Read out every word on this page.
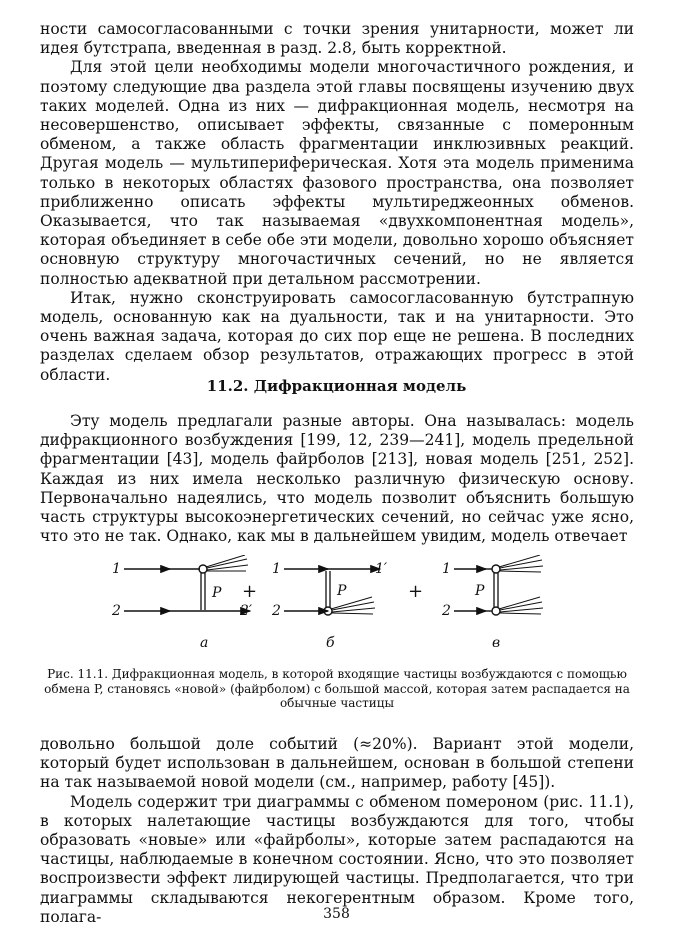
ности самосогласованными с точки зрения унитарности, может ли идея бутстрапа, введенная в разд. 2.8, быть корректной.

Для этой цели необходимы модели многочастичного рождения, и поэтому следующие два раздела этой главы посвящены изучению двух таких моделей. Одна из них — дифракционная модель, несмотря на несовершенство, описывает эффекты, связанные с померонным обменом, а также область фрагментации инклюзивных реакций. Другая модель — мультипериферическая. Хотя эта модель применима только в некоторых областях фазового пространства, она позволяет приближенно описать эффекты мультиреджеонных обменов. Оказывается, что так называемая «двухкомпонентная модель», которая объединяет в себе обе эти модели, довольно хорошо объясняет основную структуру многочастичных сечений, но не является полностью адекватной при детальном рассмотрении.

Итак, нужно сконструировать самосогласованную бутстрапную модель, основанную как на дуальности, так и на унитарности. Это очень важная задача, которая до сих пор еще не решена. В последних разделах сделаем обзор результатов, отражающих прогресс в этой области.

11.2. Дифракционная модель

Эту модель предлагали разные авторы. Она называлась: модель дифракционного возбуждения [199, 12, 239—241], модель предельной фрагментации [43], модель файрболов [213], новая модель [251, 252]. Каждая из них имела несколько различную физическую основу. Первоначально надеялись, что модель позволит объяснить большую часть структуры высокоэнергетических сечений, но сейчас уже ясно, что это не так. Однако, как мы в дальнейшем увидим, модель отвечает

1
P
2	2′
а
+
1	1′
P
2
б
+
1
P
2
в
Рис. 11.1. Дифракционная модель, в которой входящие частицы возбуждаются с помощью обмена P, становясь «новой» (файрболом) с большой массой, которая затем распадается на обычные частицы

довольно большой доле событий (≈20%). Вариант этой модели, который будет использован в дальнейшем, основан в большой степени на так называемой новой модели (см., например, работу [45]).

Модель содержит три диаграммы с обменом помероном (рис. 11.1), в которых налетающие частицы возбуждаются для того, чтобы образовать «новые» или «файрболы», которые затем распадаются на частицы, наблюдаемые в конечном состоянии. Ясно, что это позволяет воспроизвести эффект лидирующей частицы. Предполагается, что три диаграммы складываются некогерентным образом. Кроме того, полага-	358
